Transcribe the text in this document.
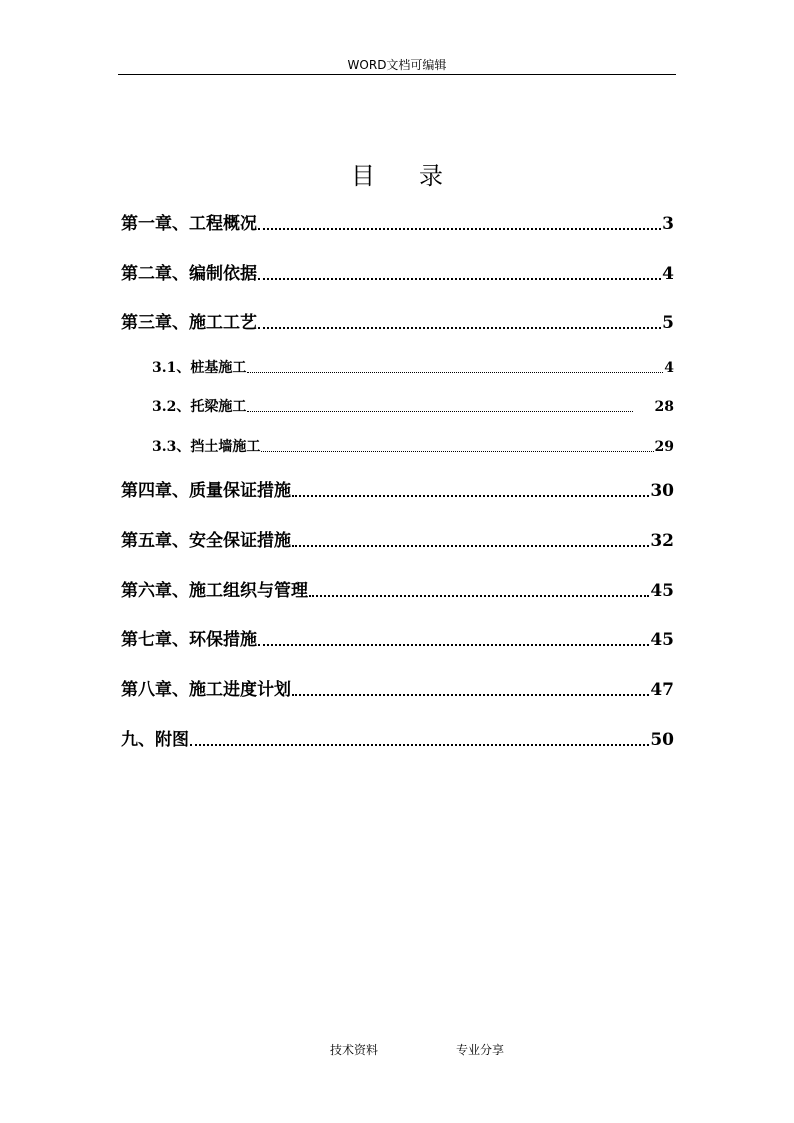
WORD文档可编辑
目 录
第一章、工程概况	3
第二章、编制依据	4
第三章、施工工艺	5
3.1、桩基施工	4
3.2、托梁施工	28
3.3、挡土墙施工	29
第四章、质量保证措施	30
第五章、安全保证措施	32
第六章、施工组织与管理	45
第七章、环保措施	45
第八章、施工进度计划	47
九、附图	50
技术资料	专业分享
